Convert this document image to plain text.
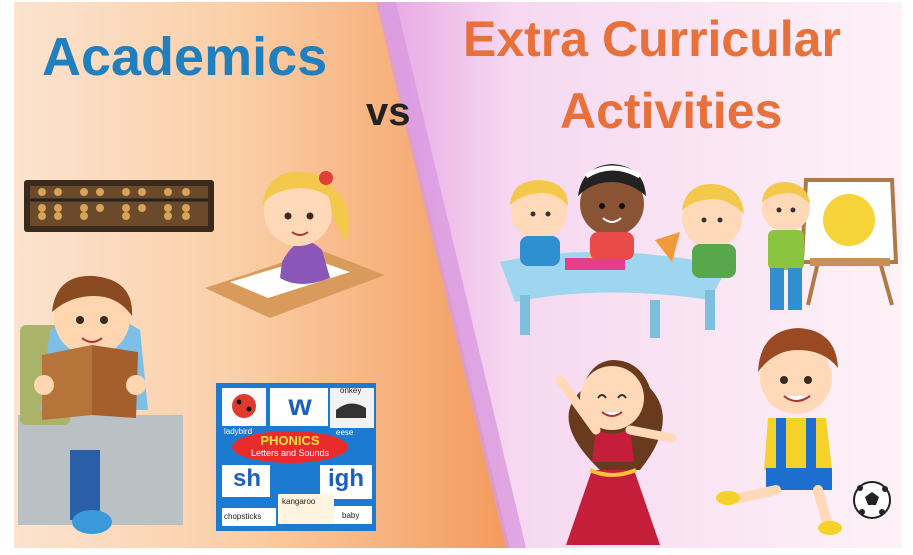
Academics
vs
Extra Curricular
Activities
w
PHONICS
Letters and Sounds
sh	igh
ladybird
kangaroo
chopsticks	baby
onkey
eese
